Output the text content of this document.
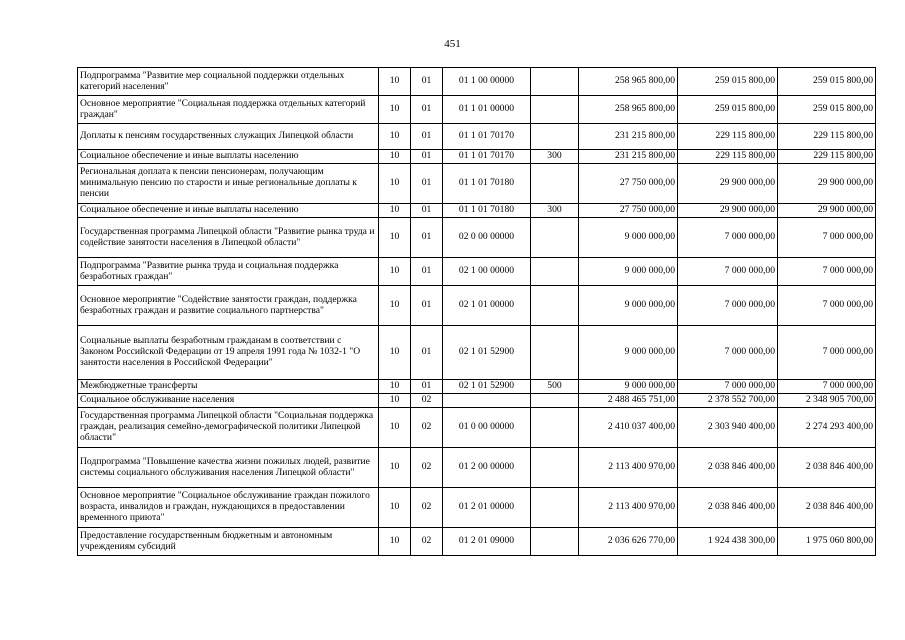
451
Подпрограмма "Развитие мер социальной поддержки отдельных категорий населения"	10	01	01 1 00 00000		258 965 800,00	259 015 800,00	259 015 800,00
Основное мероприятие "Социальная поддержка отдельных категорий граждан"	10	01	01 1 01 00000		258 965 800,00	259 015 800,00	259 015 800,00
Доплаты к пенсиям государственных служащих Липецкой области	10	01	01 1 01 70170		231 215 800,00	229 115 800,00	229 115 800,00
Социальное обеспечение и иные выплаты населению	10	01	01 1 01 70170	300	231 215 800,00	229 115 800,00	229 115 800,00
Региональная доплата к пенсии пенсионерам, получающим минимальную пенсию по старости и иные региональные доплаты к пенсии	10	01	01 1 01 70180		27 750 000,00	29 900 000,00	29 900 000,00
Социальное обеспечение и иные выплаты населению	10	01	01 1 01 70180	300	27 750 000,00	29 900 000,00	29 900 000,00
Государственная программа Липецкой области "Развитие рынка труда и содействие занятости населения в Липецкой области"	10	01	02 0 00 00000		9 000 000,00	7 000 000,00	7 000 000,00
Подпрограмма "Развитие рынка труда и социальная поддержка безработных граждан"	10	01	02 1 00 00000		9 000 000,00	7 000 000,00	7 000 000,00
Основное мероприятие "Содействие занятости граждан, поддержка безработных граждан и развитие социального партнерства"	10	01	02 1 01 00000		9 000 000,00	7 000 000,00	7 000 000,00
Социальные выплаты безработным гражданам в соответствии с Законом Российской Федерации от 19 апреля 1991 года № 1032-1 "О занятости населения в Российской Федерации"	10	01	02 1 01 52900		9 000 000,00	7 000 000,00	7 000 000,00
Межбюджетные трансферты	10	01	02 1 01 52900	500	9 000 000,00	7 000 000,00	7 000 000,00
Социальное обслуживание населения	10	02			2 488 465 751,00	2 378 552 700,00	2 348 905 700,00
Государственная программа Липецкой области "Социальная поддержка граждан, реализация семейно-демографической политики Липецкой области"	10	02	01 0 00 00000		2 410 037 400,00	2 303 940 400,00	2 274 293 400,00
Подпрограмма "Повышение качества жизни пожилых людей, развитие системы социального обслуживания населения Липецкой области"	10	02	01 2 00 00000		2 113 400 970,00	2 038 846 400,00	2 038 846 400,00
Основное мероприятие "Социальное обслуживание граждан пожилого возраста, инвалидов и граждан, нуждающихся в предоставлении временного приюта"	10	02	01 2 01 00000		2 113 400 970,00	2 038 846 400,00	2 038 846 400,00
Предоставление государственным бюджетным и автономным учреждениям субсидий	10	02	01 2 01 09000		2 036 626 770,00	1 924 438 300,00	1 975 060 800,00
